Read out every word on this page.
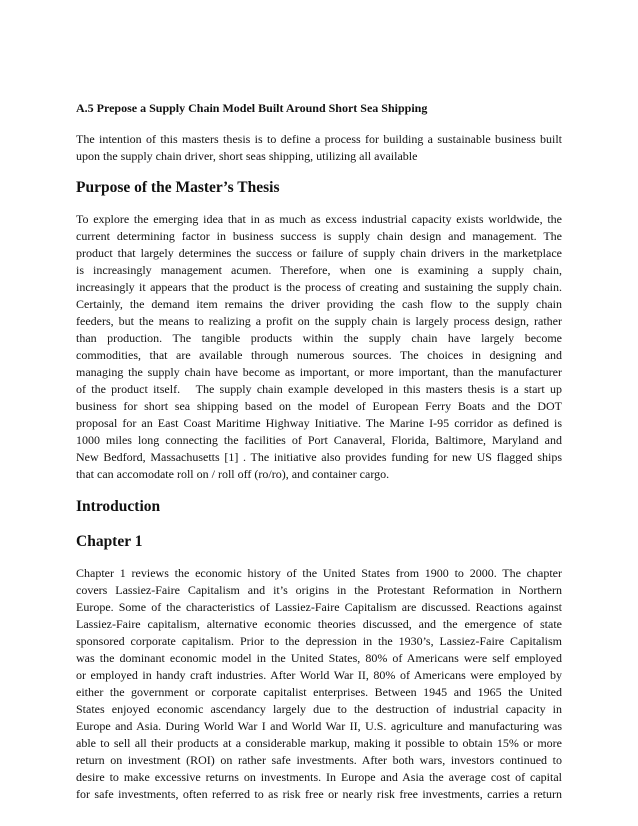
A.5 Prepose a Supply Chain Model Built Around Short Sea Shipping
The intention of this masters thesis is to define a process for building a sustainable business built
upon the supply chain driver, short seas shipping, utilizing all available
Purpose of the Master’s Thesis
To explore the emerging idea that in as much as excess industrial capacity exists worldwide, the
current determining factor in business success is supply chain design and management. The
product that largely determines the success or failure of supply chain drivers in the marketplace
is increasingly management acumen. Therefore, when one is examining a supply chain,
increasingly it appears that the product is the process of creating and sustaining the supply chain.
Certainly, the demand item remains the driver providing the cash flow to the supply chain
feeders, but the means to realizing a profit on the supply chain is largely process design, rather
than production. The tangible products within the supply chain have largely become
commodities, that are available through numerous sources. The choices in designing and
managing the supply chain have become as important, or more important, than the manufacturer
of the product itself.   The supply chain example developed in this masters thesis is a start up
business for short sea shipping based on the model of European Ferry Boats and the DOT
proposal for an East Coast Maritime Highway Initiative. The Marine I-95 corridor as defined is
1000 miles long connecting the facilities of Port Canaveral, Florida, Baltimore, Maryland and
New Bedford, Massachusetts [1] . The initiative also provides funding for new US flagged ships
that can accomodate roll on / roll off (ro/ro), and container cargo.
Introduction
Chapter 1
Chapter 1 reviews the economic history of the United States from 1900 to 2000. The chapter
covers Lassiez-Faire Capitalism and it’s origins in the Protestant Reformation in Northern
Europe. Some of the characteristics of Lassiez-Faire Capitalism are discussed. Reactions against
Lassiez-Faire capitalism, alternative economic theories discussed, and the emergence of state
sponsored corporate capitalism. Prior to the depression in the 1930’s, Lassiez-Faire Capitalism
was the dominant economic model in the United States, 80% of Americans were self employed
or employed in handy craft industries. After World War II, 80% of Americans were employed by
either the government or corporate capitalist enterprises. Between 1945 and 1965 the United
States enjoyed economic ascendancy largely due to the destruction of industrial capacity in
Europe and Asia. During World War I and World War II, U.S. agriculture and manufacturing was
able to sell all their products at a considerable markup, making it possible to obtain 15% or more
return on investment (ROI) on rather safe investments. After both wars, investors continued to
desire to make excessive returns on investments. In Europe and Asia the average cost of capital
for safe investments, often referred to as risk free or nearly risk free investments, carries a return
